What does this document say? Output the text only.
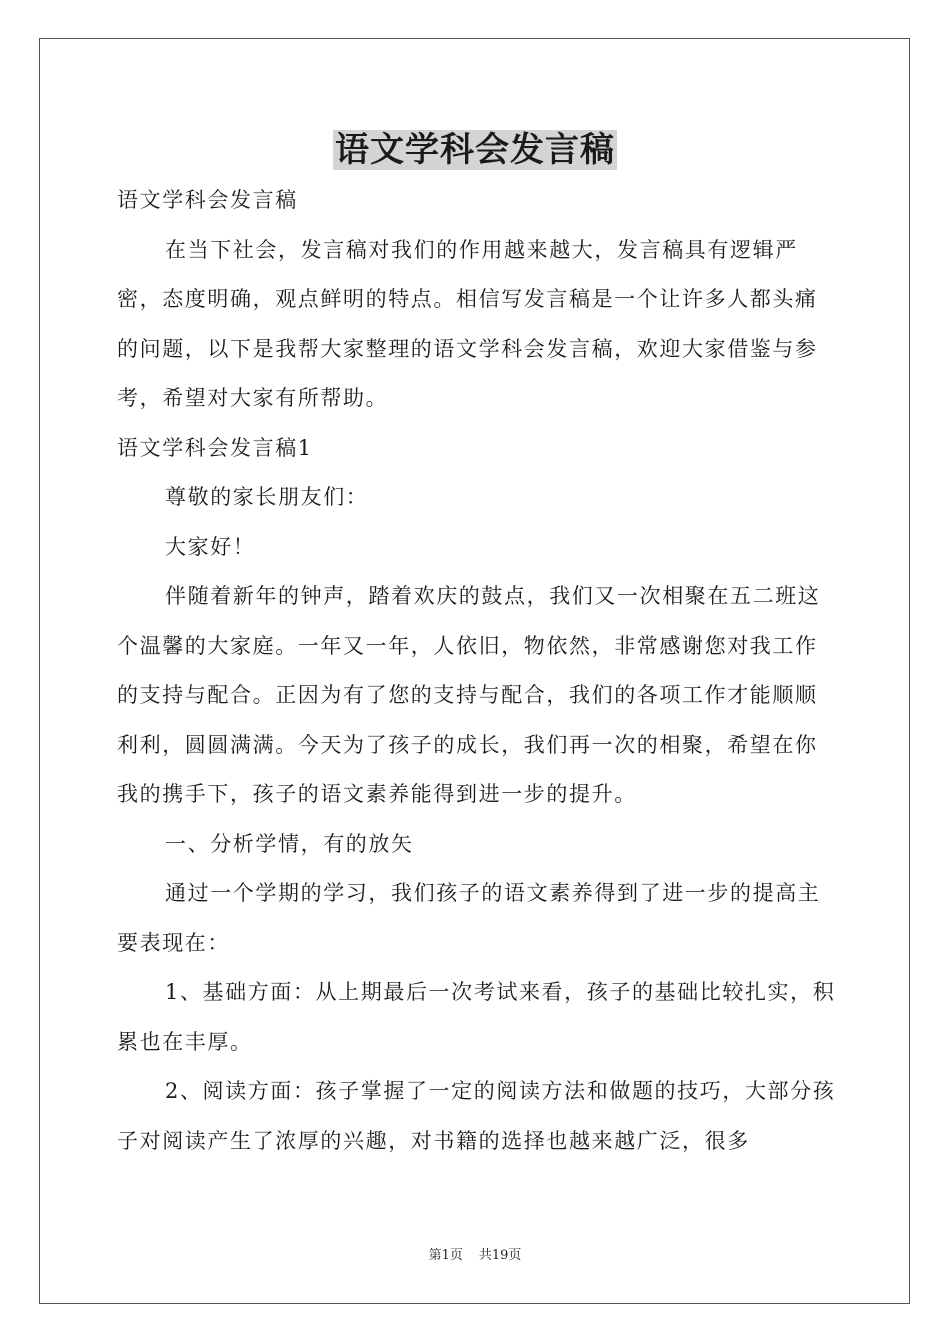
语文学科会发言稿

语文学科会发言稿

在当下社会，发言稿对我们的作用越来越大，发言稿具有逻辑严密，态度明确，观点鲜明的特点。相信写发言稿是一个让许多人都头痛的问题，以下是我帮大家整理的语文学科会发言稿，欢迎大家借鉴与参考，希望对大家有所帮助。

语文学科会发言稿1

尊敬的家长朋友们：

大家好！

伴随着新年的钟声，踏着欢庆的鼓点，我们又一次相聚在五二班这个温馨的大家庭。一年又一年，人依旧，物依然，非常感谢您对我工作的支持与配合。正因为有了您的支持与配合，我们的各项工作才能顺顺利利，圆圆满满。今天为了孩子的成长，我们再一次的相聚，希望在你我的携手下，孩子的语文素养能得到进一步的提升。

一、分析学情，有的放矢

通过一个学期的学习，我们孩子的语文素养得到了进一步的提高主要表现在：

1、基础方面：从上期最后一次考试来看，孩子的基础比较扎实，积累也在丰厚。

2、阅读方面：孩子掌握了一定的阅读方法和做题的技巧，大部分孩子对阅读产生了浓厚的兴趣，对书籍的选择也越来越广泛，很多

第1页 共19页
